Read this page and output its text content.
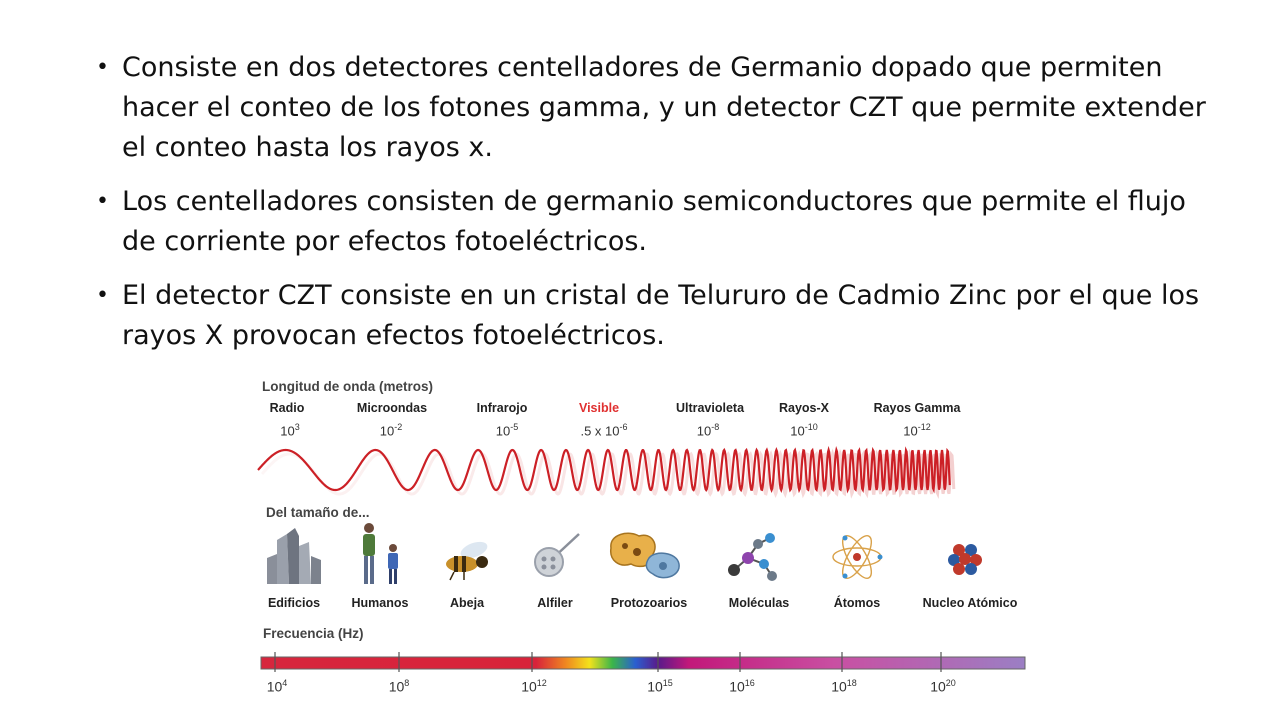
• Consiste en dos detectores centelladores de Germanio dopado que permiten hacer el conteo de los fotones gamma, y un detector CZT que permite extender el conteo hasta los rayos x.
• Los centelladores consisten de germanio semiconductores que permite el flujo de corriente por efectos fotoeléctricos.
• El detector CZT consiste en un cristal de Telururo de Cadmio Zinc por el que los rayos X provocan efectos fotoeléctricos.
Longitud de onda (metros)
Radio	Microondas	Infrarojo	Visible	Ultravioleta	Rayos-X	Rayos Gamma
$10^3$	$10^{-2}$	$10^{-5}$	.5 x $10^{-6}$	$10^{-8}$	$10^{-10}$	$10^{-12}$
Del tamaño de...
Edificios	Humanos	Abeja	Alfiler	Protozoarios	Moléculas	Átomos	Nucleo Atómico
Frecuencia (Hz)
$10^4$	$10^8$	$10^{12}$	$10^{15}$	$10^{16}$	$10^{18}$	$10^{20}$
